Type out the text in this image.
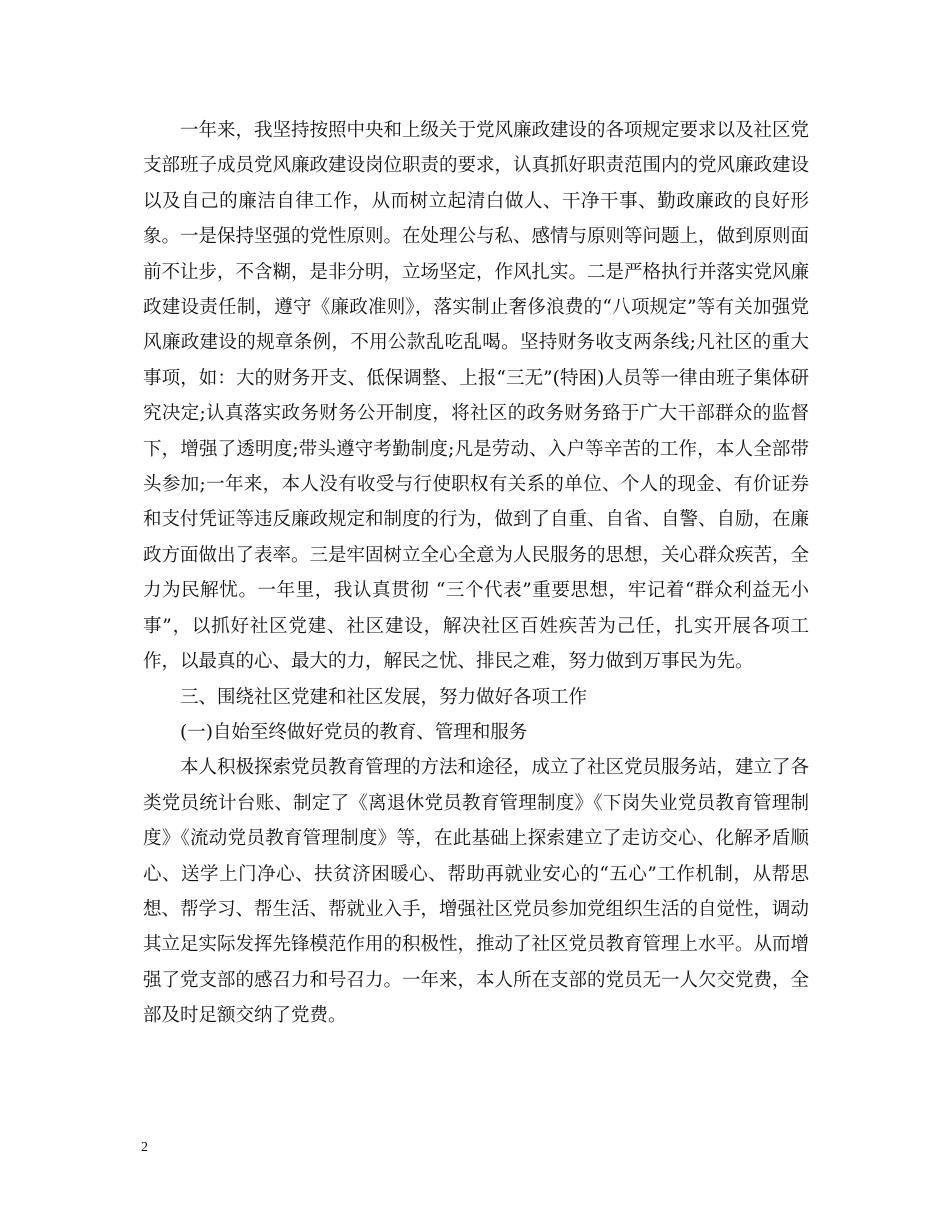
一年来，我坚持按照中央和上级关于党风廉政建设的各项规定要求以及社区党支部班子成员党风廉政建设岗位职责的要求，认真抓好职责范围内的党风廉政建设以及自己的廉洁自律工作，从而树立起清白做人、干净干事、勤政廉政的良好形象。一是保持坚强的党性原则。在处理公与私、感情与原则等问题上，做到原则面前不让步，不含糊，是非分明，立场坚定，作风扎实。二是严格执行并落实党风廉政建设责任制，遵守《廉政准则》，落实制止奢侈浪费的“八项规定”等有关加强党风廉政建设的规章条例，不用公款乱吃乱喝。坚持财务收支两条线;凡社区的重大事项，如：大的财务开支、低保调整、上报“三无”(特困)人员等一律由班子集体研究决定;认真落实政务财务公开制度，将社区的政务财务臵于广大干部群众的监督下，增强了透明度;带头遵守考勤制度;凡是劳动、入户等辛苦的工作，本人全部带头参加;一年来，本人没有收受与行使职权有关系的单位、个人的现金、有价证券和支付凭证等违反廉政规定和制度的行为，做到了自重、自省、自警、自励，在廉政方面做出了表率。三是牢固树立全心全意为人民服务的思想，关心群众疾苦，全力为民解忧。一年里，我认真贯彻 “三个代表”重要思想，牢记着“群众利益无小事”，以抓好社区党建、社区建设，解决社区百姓疾苦为己任，扎实开展各项工作，以最真的心、最大的力，解民之忧、排民之难，努力做到万事民为先。

三、围绕社区党建和社区发展，努力做好各项工作

(一)自始至终做好党员的教育、管理和服务

本人积极探索党员教育管理的方法和途径，成立了社区党员服务站，建立了各类党员统计台账、制定了《离退休党员教育管理制度》《下岗失业党员教育管理制度》《流动党员教育管理制度》等，在此基础上探索建立了走访交心、化解矛盾顺心、送学上门净心、扶贫济困暖心、帮助再就业安心的“五心”工作机制，从帮思想、帮学习、帮生活、帮就业入手，增强社区党员参加党组织生活的自觉性，调动其立足实际发挥先锋模范作用的积极性，推动了社区党员教育管理上水平。从而增强了党支部的感召力和号召力。一年来，本人所在支部的党员无一人欠交党费，全部及时足额交纳了党费。

2
